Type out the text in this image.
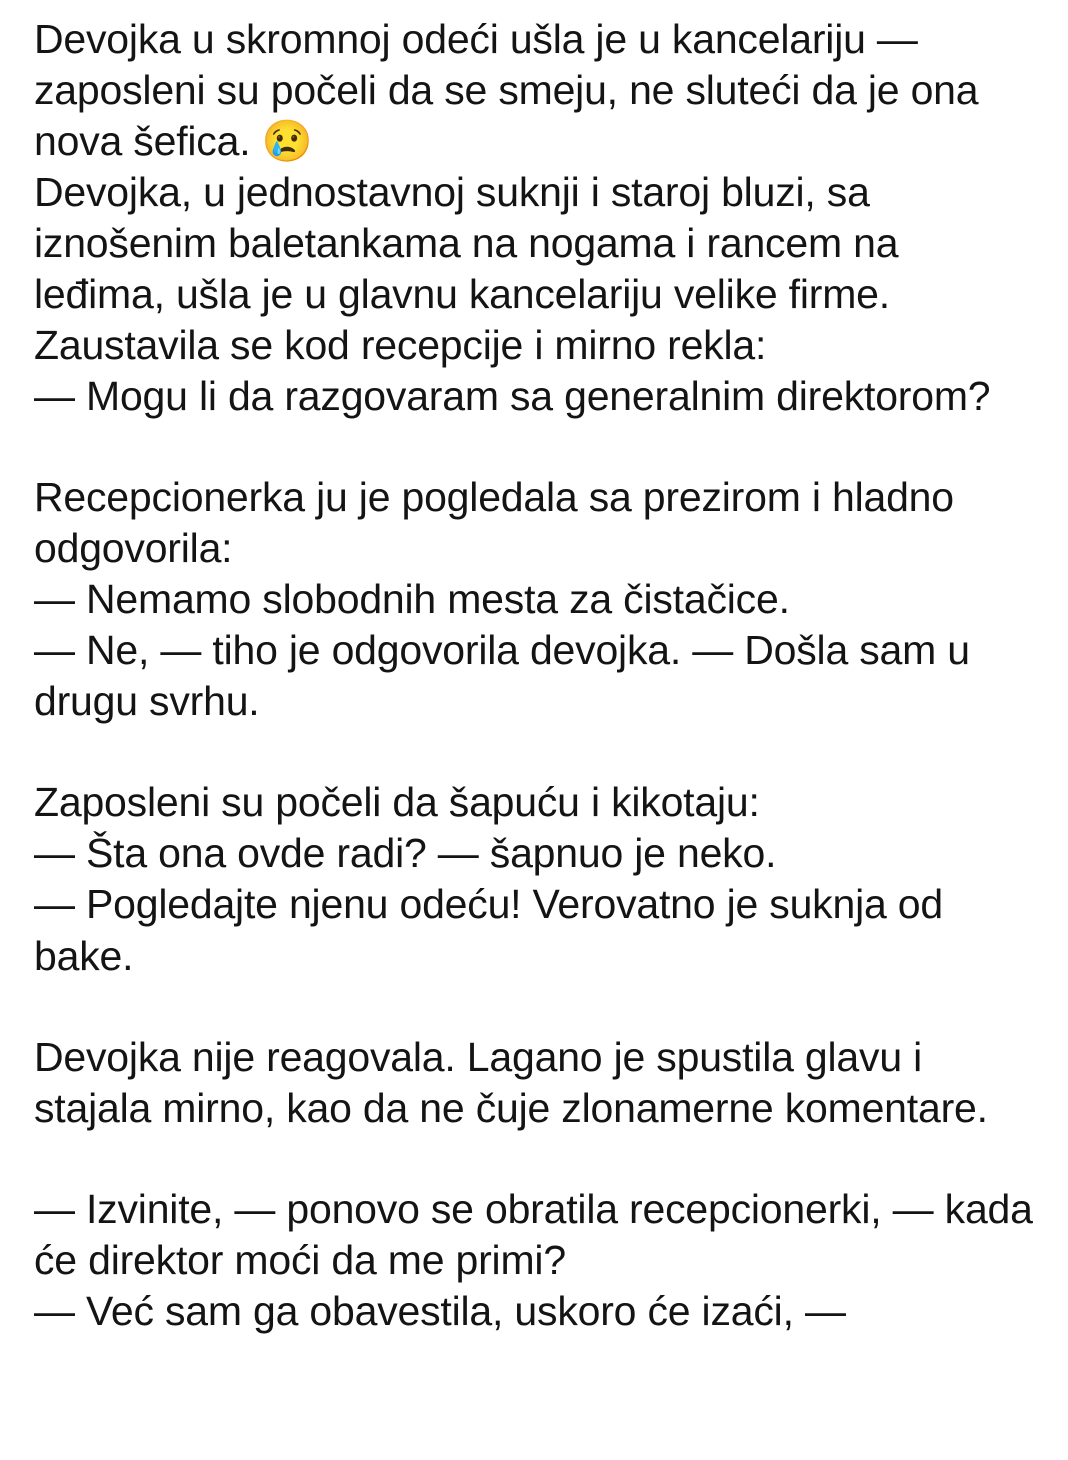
Devojka u skromnoj odeći ušla je u kancelariju — zaposleni su počeli da se smeju, ne sluteći da je ona nova šefica. 😢

Devojka, u jednostavnoj suknji i staroj bluzi, sa iznošenim baletankama na nogama i rancem na leđima, ušla je u glavnu kancelariju velike firme. Zaustavila se kod recepcije i mirno rekla:

— Mogu li da razgovaram sa generalnim direktorom?

Recepcionerka ju je pogledala sa prezirom i hladno odgovorila:

— Nemamo slobodnih mesta za čistačice.

— Ne, — tiho je odgovorila devojka. — Došla sam u drugu svrhu.

Zaposleni su počeli da šapuću i kikotaju:

— Šta ona ovde radi? — šapnuo je neko.

— Pogledajte njenu odeću! Verovatno je suknja od bake.

Devojka nije reagovala. Lagano je spustila glavu i stajala mirno, kao da ne čuje zlonamerne komentare.

— Izvinite, — ponovo se obratila recepcionerki, — kada će direktor moći da me primi?

— Već sam ga obavestila, uskoro će izaći, —
